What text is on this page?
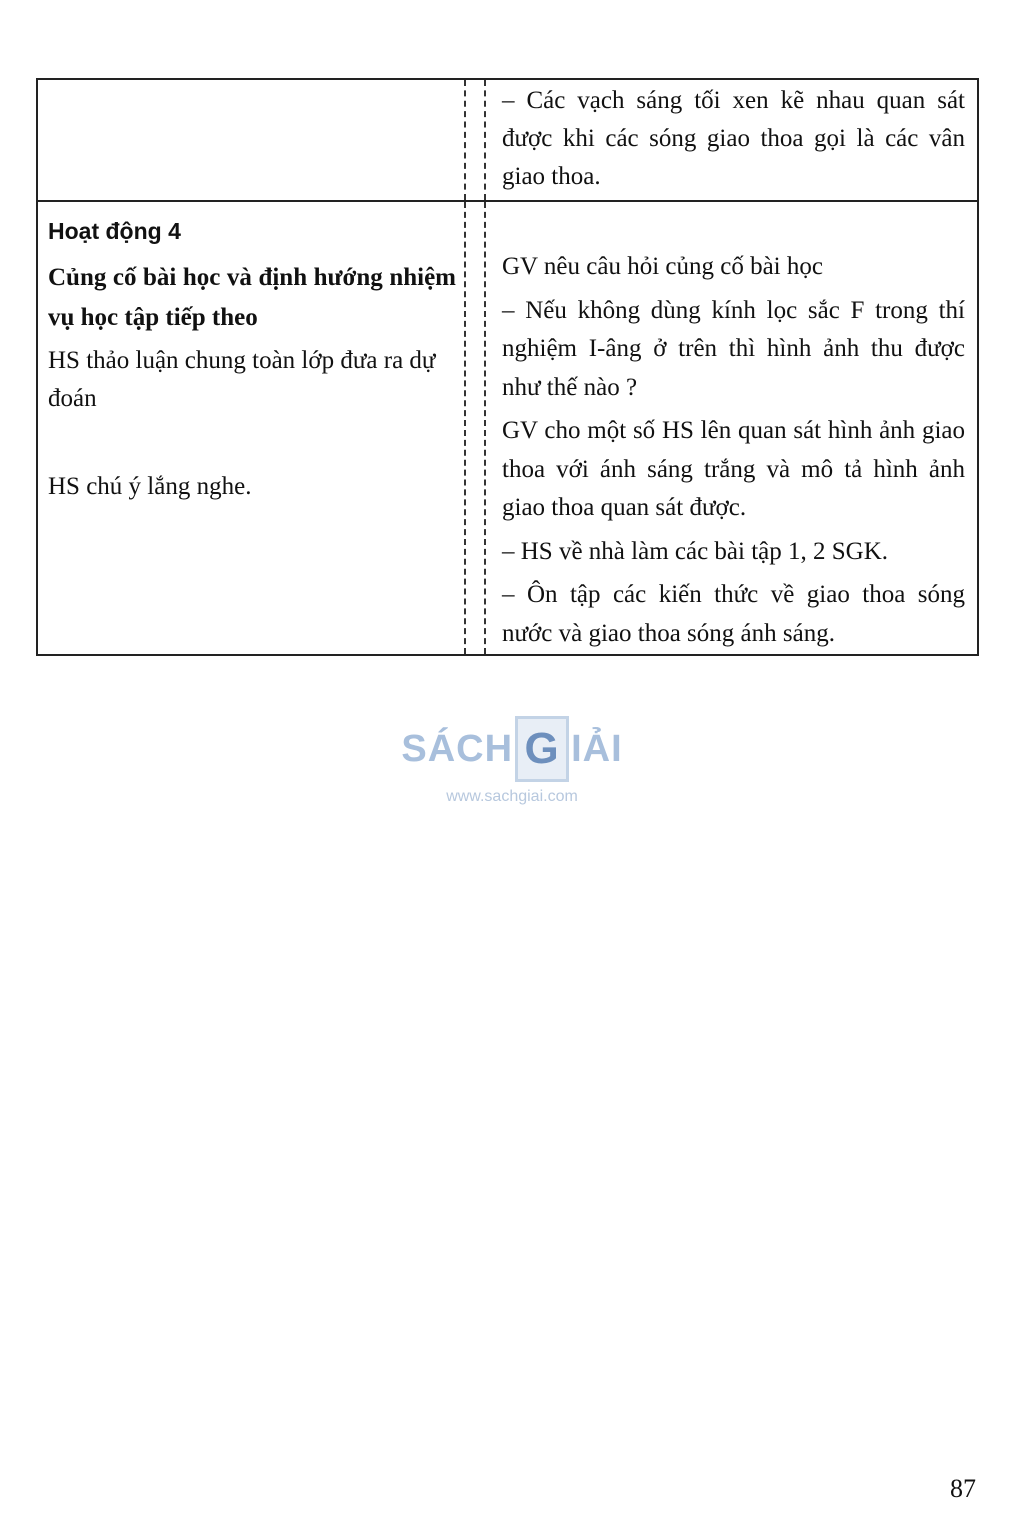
– Các vạch sáng tối xen kẽ nhau quan sát được khi các sóng giao thoa gọi là các vân giao thoa.

Hoạt động 4

Củng cố bài học và định hướng nhiệm vụ học tập tiếp theo

HS thảo luận chung toàn lớp đưa ra dự đoán

HS chú ý lắng nghe.

GV nêu câu hỏi củng cố bài học

– Nếu không dùng kính lọc sắc F trong thí nghiệm I-âng ở trên thì hình ảnh thu được như thế nào ?

GV cho một số HS lên quan sát hình ảnh giao thoa với ánh sáng trắng và mô tả hình ảnh giao thoa quan sát được.

– HS về nhà làm các bài tập 1, 2 SGK.

– Ôn tập các kiến thức về giao thoa sóng nước và giao thoa sóng ánh sáng.

SÁCH G IẢI
www.sachgiai.com
87
